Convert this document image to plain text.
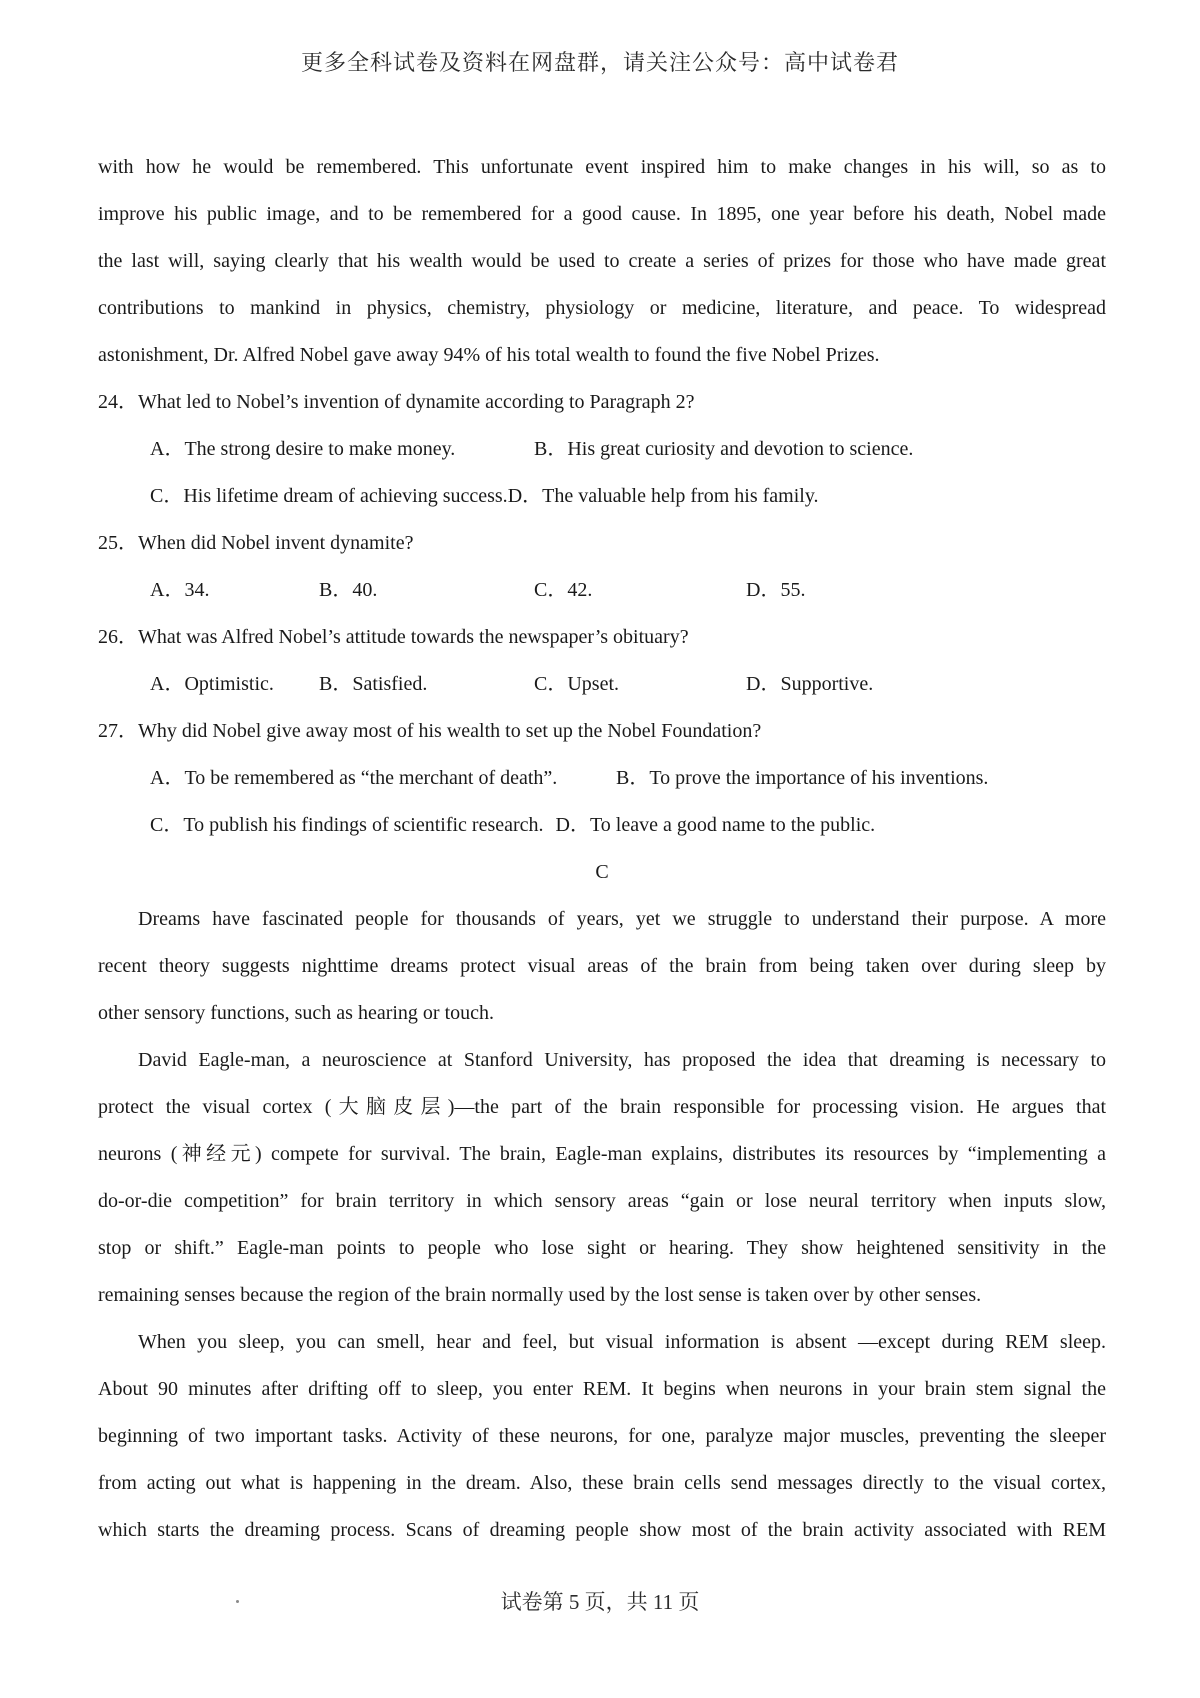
更多全科试卷及资料在网盘群，请关注公众号：高中试卷君
with how he would be remembered. This unfortunate event inspired him to make changes in his will, so as to
improve his public image, and to be remembered for a good cause. In 1895, one year before his death, Nobel made
the last will, saying clearly that his wealth would be used to create a series of prizes for those who have made great
contributions to mankind in physics, chemistry, physiology or medicine, literature, and peace. To widespread
astonishment, Dr. Alfred Nobel gave away 94% of his total wealth to found the five Nobel Prizes.
24．What led to Nobel’s invention of dynamite according to Paragraph 2?
A．The strong desire to make money.	B．His great curiosity and devotion to science.
C．His lifetime dream of achieving success.D．The valuable help from his family.
25．When did Nobel invent dynamite?
A．34.	B．40.	C．42.	D．55.
26．What was Alfred Nobel’s attitude towards the newspaper’s obituary?
A．Optimistic. B．Satisfied.	C．Upset.	D．Supportive.
27．Why did Nobel give away most of his wealth to set up the Nobel Foundation?
A．To be remembered as “the merchant of death”.	B．To prove the importance of his inventions.
C．To publish his findings of scientific research. D．To leave a good name to the public.
C
Dreams have fascinated people for thousands of years, yet we struggle to understand their purpose. A more
recent theory suggests nighttime dreams protect visual areas of the brain from being taken over during sleep by
other sensory functions, such as hearing or touch.
David Eagle-man, a neuroscience at Stanford University, has proposed the idea that dreaming is necessary to
protect the visual cortex (大脑皮层)—the part of the brain responsible for processing vision. He argues that
neurons (神经元) compete for survival. The brain, Eagle-man explains, distributes its resources by “implementing a
do-or-die competition” for brain territory in which sensory areas “gain or lose neural territory when inputs slow,
stop or shift.” Eagle-man points to people who lose sight or hearing. They show heightened sensitivity in the
remaining senses because the region of the brain normally used by the lost sense is taken over by other senses.
When you sleep, you can smell, hear and feel, but visual information is absent —except during REM sleep.
About 90 minutes after drifting off to sleep, you enter REM. It begins when neurons in your brain stem signal the
beginning of two important tasks. Activity of these neurons, for one, paralyze major muscles, preventing the sleeper
from acting out what is happening in the dream. Also, these brain cells send messages directly to the visual cortex,
which starts the dreaming process. Scans of dreaming people show most of the brain activity associated with REM
试卷第 5 页，共 11 页
